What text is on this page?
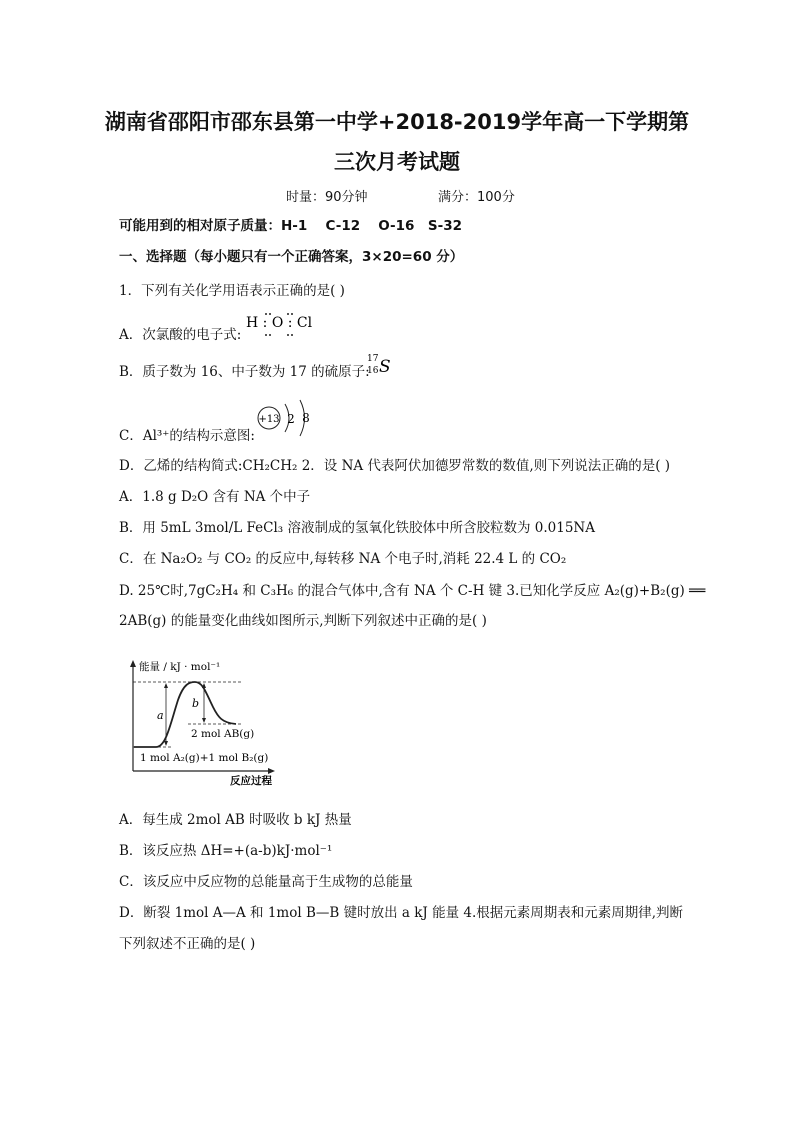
湖南省邵阳市邵东县第一中学+2018-2019学年高一下学期第
三次月考试题
时量：90分钟	满分：100分
可能用到的相对原子质量：H-1　 C-12　 O-16　S-32
一、选择题（每小题只有一个正确答案，3×20=60 分）
1．下列有关化学用语表示正确的是( )
A．次氯酸的电子式:
H : O : Cl
B．质子数为 16、中子数为 17 的硫原子:
17
16 S
C．Al³⁺的结构示意图:
+13 2 8
D．乙烯的结构简式:CH₂CH₂ 2．设 NA 代表阿伏加德罗常数的数值,则下列说法正确的是( )
A．1.8 g D₂O 含有 NA 个中子
B．用 5mL 3mol/L FeCl₃ 溶液制成的氢氧化铁胶体中所含胶粒数为 0.015NA
C．在 Na₂O₂ 与 CO₂ 的反应中,每转移 NA 个电子时,消耗 22.4 L 的 CO₂
D. 25℃时,7gC₂H₄ 和 C₃H₆ 的混合气体中,含有 NA 个 C-H 键 3.已知化学反应 A₂(g)+B₂(g) ══
2AB(g) 的能量变化曲线如图所示,判断下列叙述中正确的是( )
能量 / kJ · mol⁻¹
反应过程
a
b
2 mol AB(g)
1 mol A₂(g)+1 mol B₂(g)
A．每生成 2mol AB 时吸收 b kJ 热量
B．该反应热 ΔH=+(a-b)kJ·mol⁻¹
C．该反应中反应物的总能量高于生成物的总能量
D．断裂 1mol A—A 和 1mol B—B 键时放出 a kJ 能量 4.根据元素周期表和元素周期律,判断
下列叙述不正确的是( )
